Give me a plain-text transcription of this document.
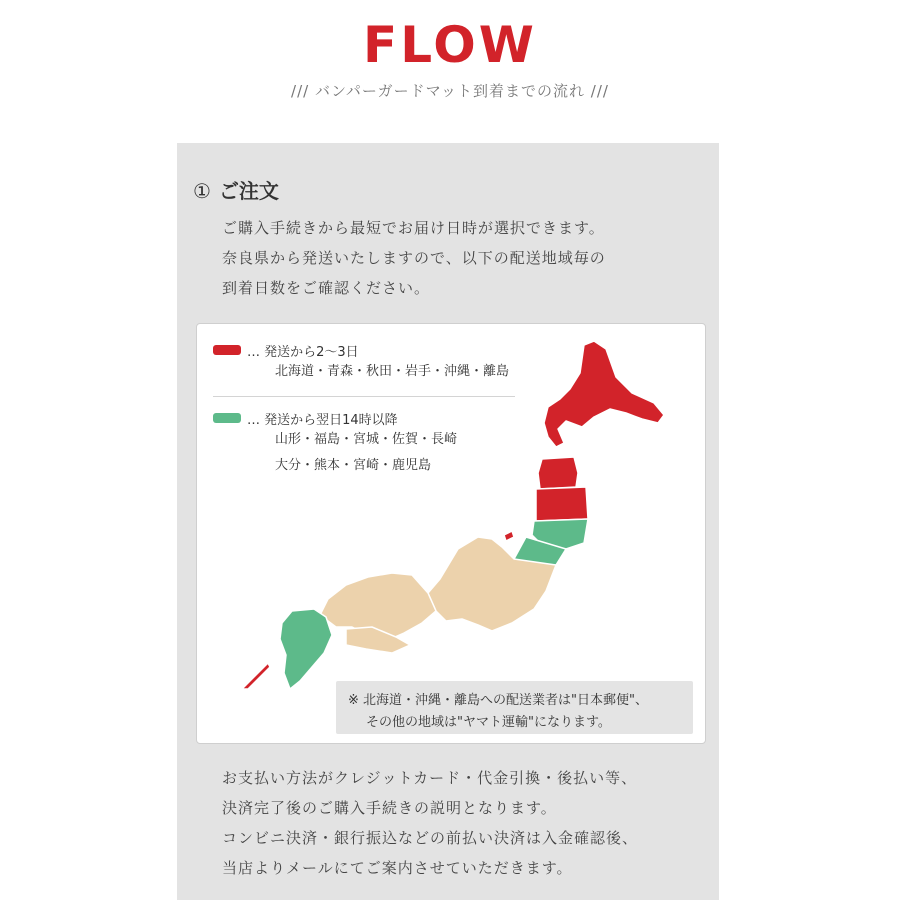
FLOW
/// バンパーガードマット到着までの流れ ///
① ご注文
ご購入手続きから最短でお届け日時が選択できます。
奈良県から発送いたしますので、以下の配送地域毎の
到着日数をご確認ください。
… 発送から2〜3日
北海道・青森・秋田・岩手・沖縄・離島
… 発送から翌日14時以降
山形・福島・宮城・佐賀・長崎
大分・熊本・宮崎・鹿児島
※ 北海道・沖縄・離島への配送業者は"日本郵便"、
その他の地域は"ヤマト運輸"になります。
お支払い方法がクレジットカード・代金引換・後払い等、
決済完了後のご購入手続きの説明となります。
コンビニ決済・銀行振込などの前払い決済は入金確認後、
当店よりメールにてご案内させていただきます。
